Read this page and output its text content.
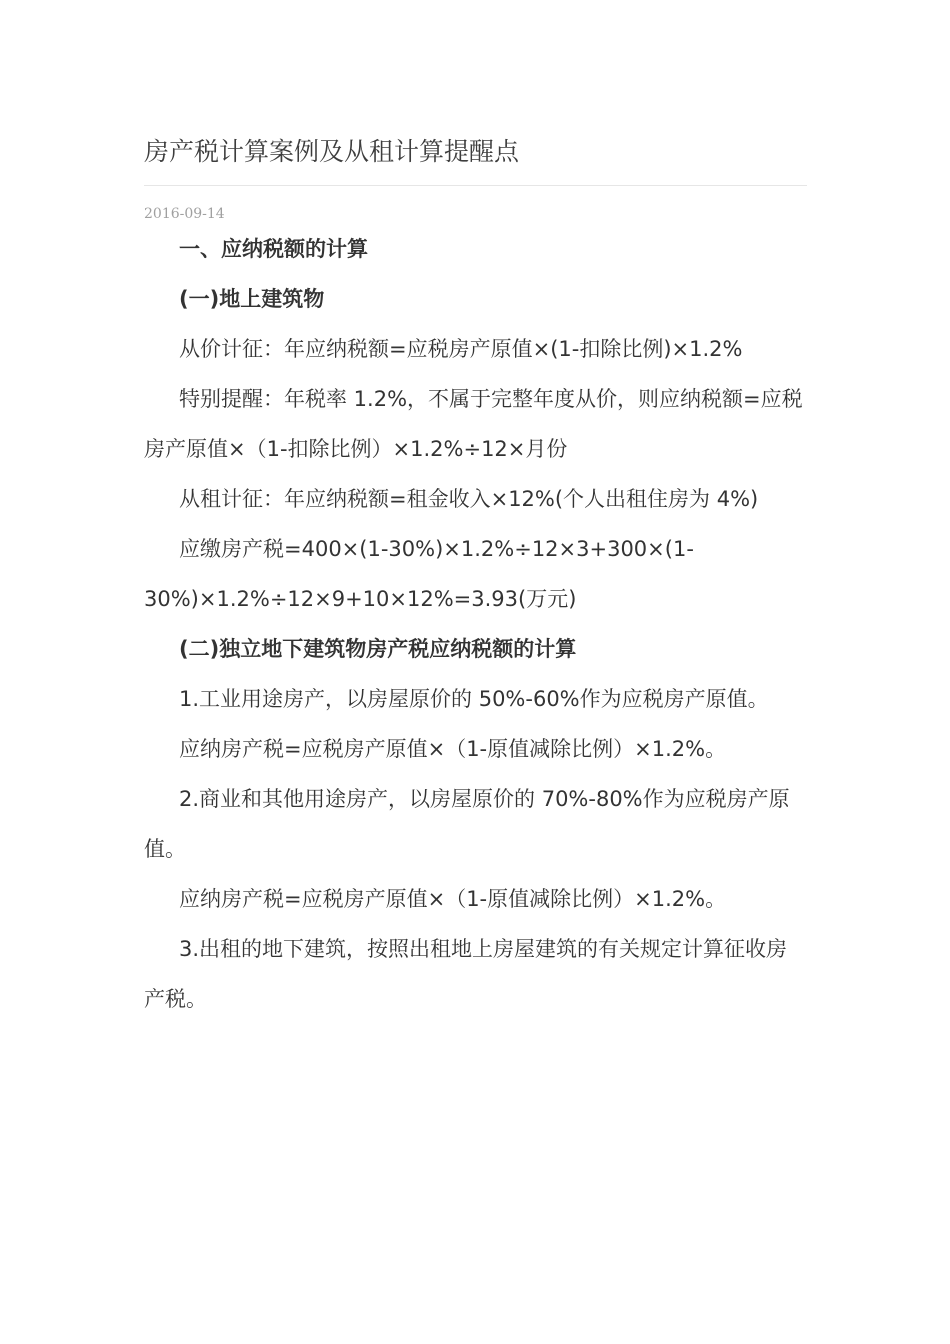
房产税计算案例及从租计算提醒点
2016-09-14

一、应纳税额的计算

(一)地上建筑物

从价计征：年应纳税额=应税房产原值×(1-扣除比例)×1.2%

特别提醒：年税率 1.2%，不属于完整年度从价，则应纳税额=应税房产原值×（1-扣除比例）×1.2%÷12×月份

从租计征：年应纳税额=租金收入×12%(个人出租住房为 4%)

应缴房产税=400×(1-30%)×1.2%÷12×3+300×(1-30%)×1.2%÷12×9+10×12%=3.93(万元)

(二)独立地下建筑物房产税应纳税额的计算

1.工业用途房产，以房屋原价的 50%-60%作为应税房产原值。

应纳房产税=应税房产原值×（1-原值减除比例）×1.2%。

2.商业和其他用途房产，以房屋原价的 70%-80%作为应税房产原值。

应纳房产税=应税房产原值×（1-原值减除比例）×1.2%。

3.出租的地下建筑，按照出租地上房屋建筑的有关规定计算征收房产税。
